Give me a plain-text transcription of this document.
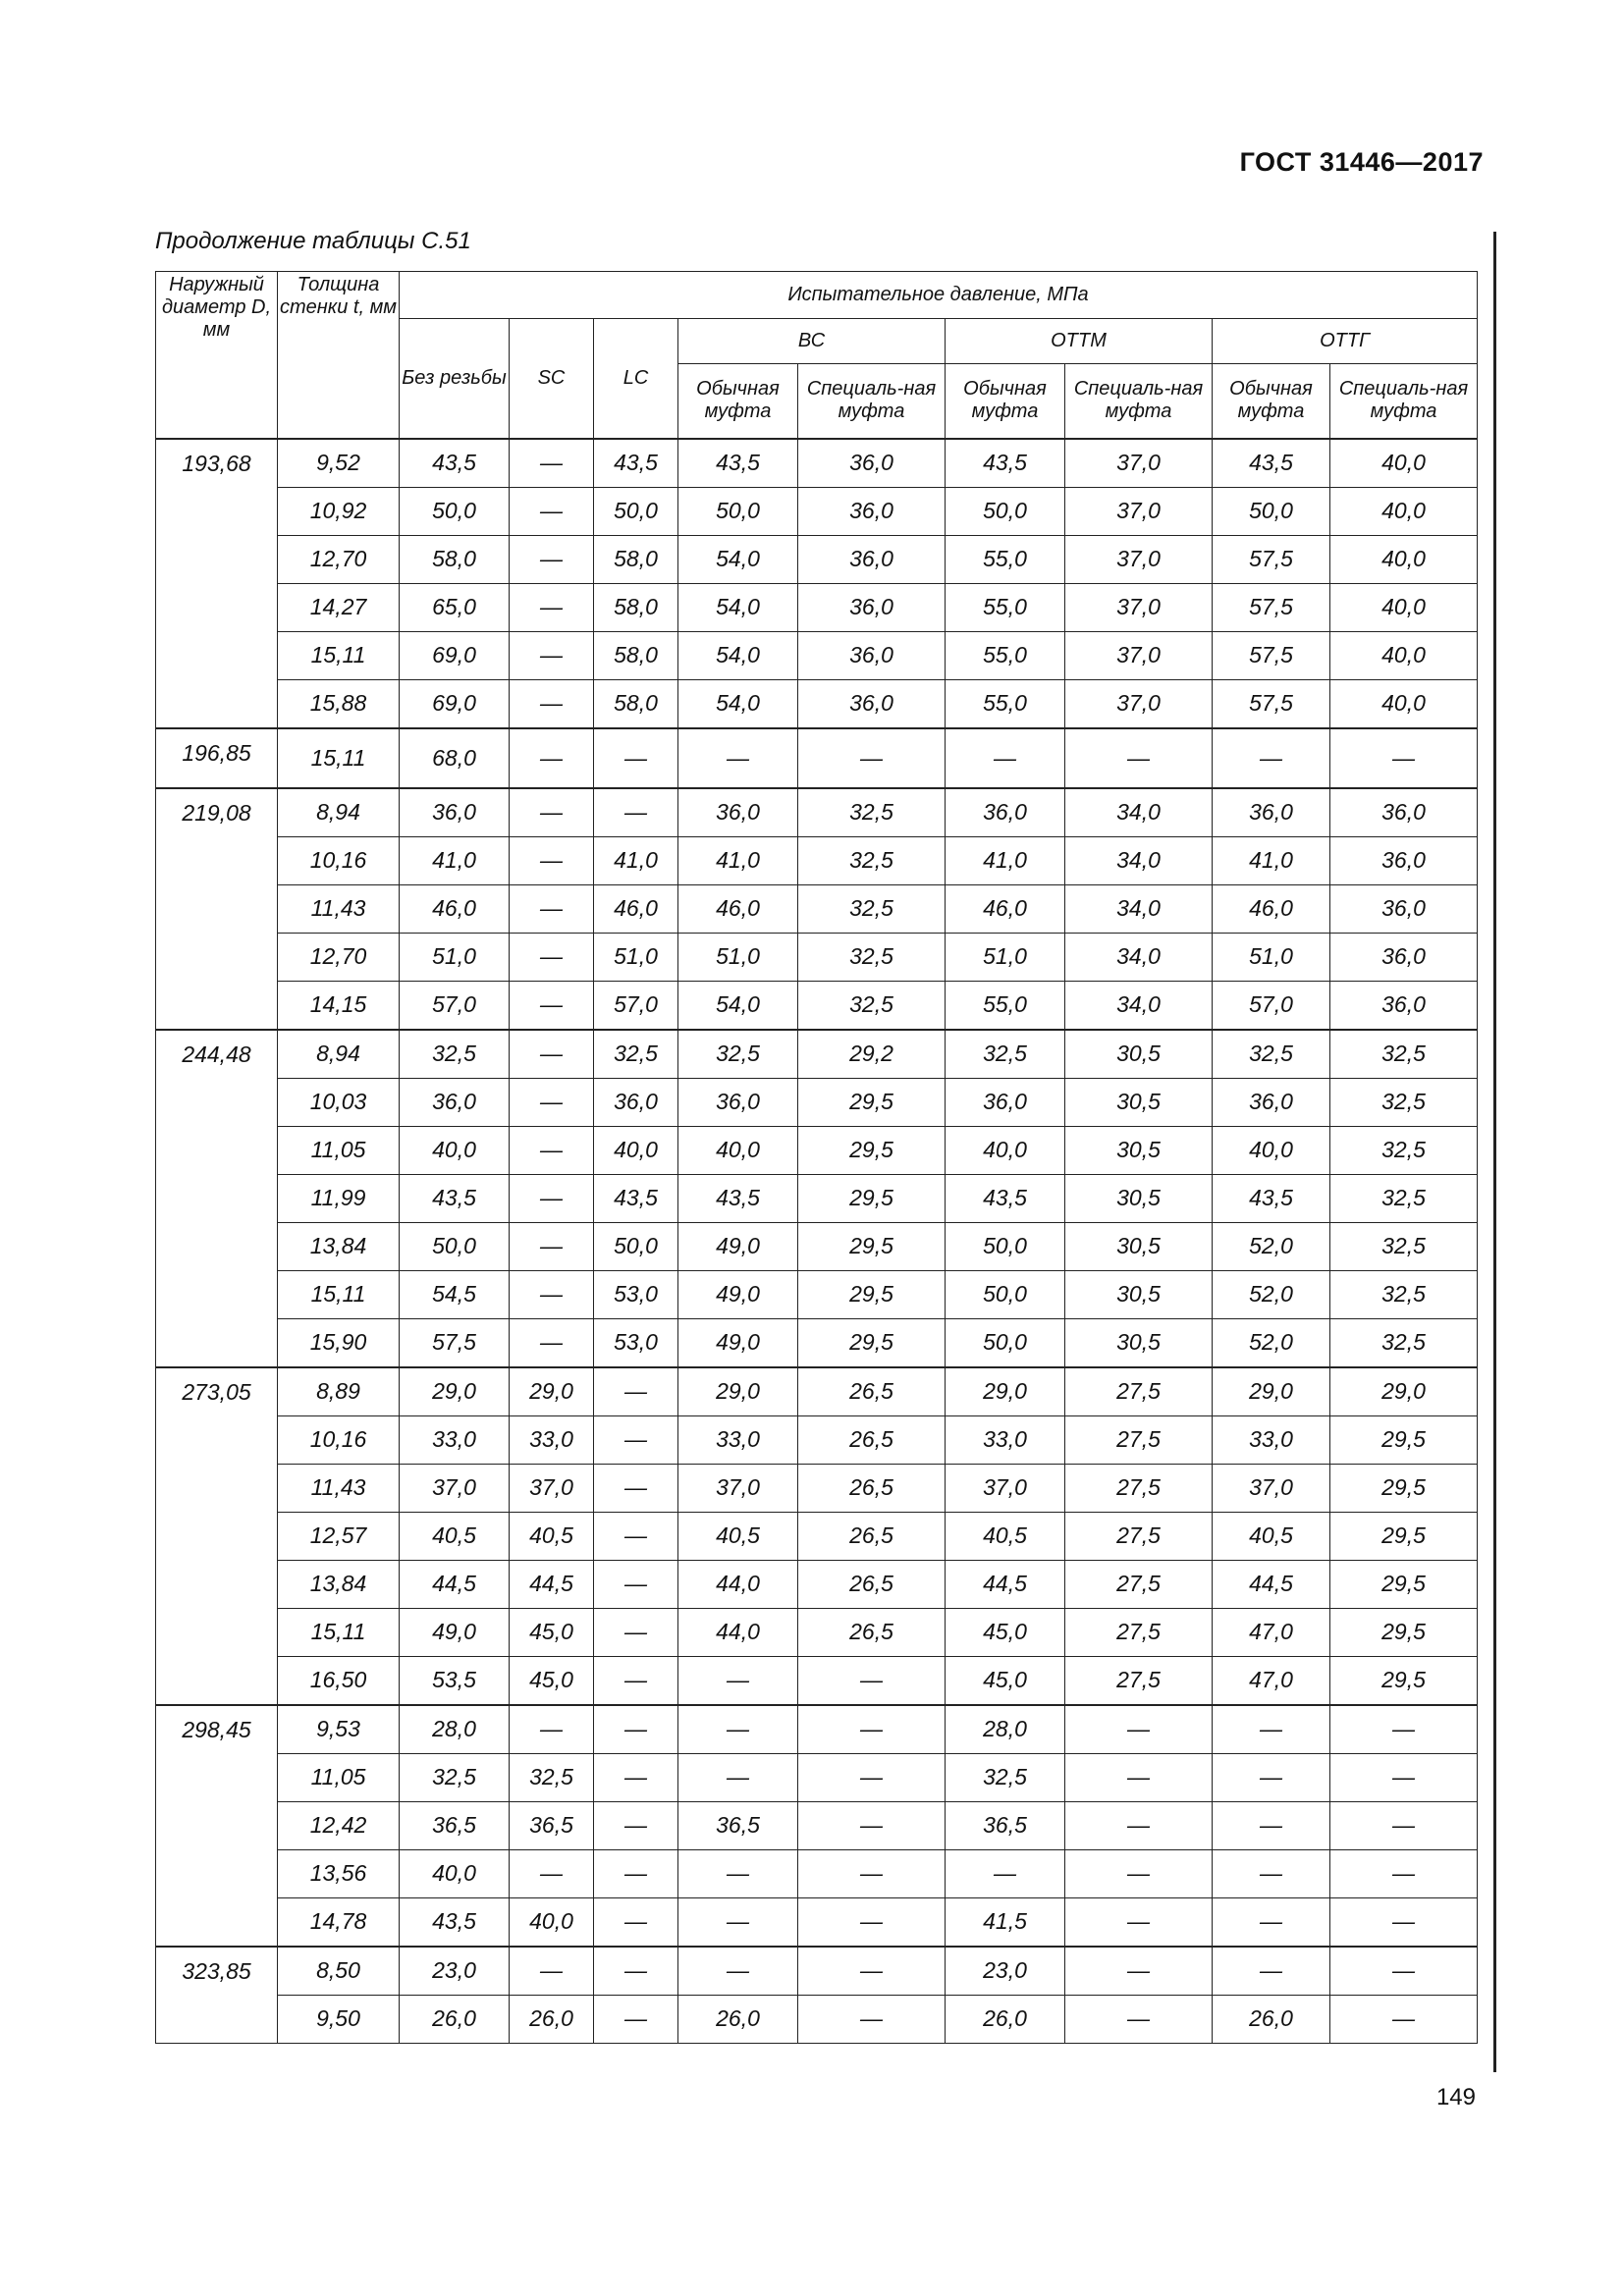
ГОСТ 31446—2017
Продолжение таблицы С.51
Наружный диаметр D, мм	Толщина стенки t, мм	Испытательное давление, МПа								
		Без резьбы	SC	LC	ВС		ОТТМ		ОТТГ	
					Обычная муфта	Специаль-ная муфта	Обычная муфта	Специаль-ная муфта	Обычная муфта	Специаль-ная муфта
193,68	9,52	43,5	—	43,5	43,5	36,0	43,5	37,0	43,5	40,0
	10,92	50,0	—	50,0	50,0	36,0	50,0	37,0	50,0	40,0
	12,70	58,0	—	58,0	54,0	36,0	55,0	37,0	57,5	40,0
	14,27	65,0	—	58,0	54,0	36,0	55,0	37,0	57,5	40,0
	15,11	69,0	—	58,0	54,0	36,0	55,0	37,0	57,5	40,0
	15,88	69,0	—	58,0	54,0	36,0	55,0	37,0	57,5	40,0
196,85	15,11	68,0	—	—	—	—	—	—	—	—
219,08	8,94	36,0	—	—	36,0	32,5	36,0	34,0	36,0	36,0
	10,16	41,0	—	41,0	41,0	32,5	41,0	34,0	41,0	36,0
	11,43	46,0	—	46,0	46,0	32,5	46,0	34,0	46,0	36,0
	12,70	51,0	—	51,0	51,0	32,5	51,0	34,0	51,0	36,0
	14,15	57,0	—	57,0	54,0	32,5	55,0	34,0	57,0	36,0
244,48	8,94	32,5	—	32,5	32,5	29,2	32,5	30,5	32,5	32,5
	10,03	36,0	—	36,0	36,0	29,5	36,0	30,5	36,0	32,5
	11,05	40,0	—	40,0	40,0	29,5	40,0	30,5	40,0	32,5
	11,99	43,5	—	43,5	43,5	29,5	43,5	30,5	43,5	32,5
	13,84	50,0	—	50,0	49,0	29,5	50,0	30,5	52,0	32,5
	15,11	54,5	—	53,0	49,0	29,5	50,0	30,5	52,0	32,5
	15,90	57,5	—	53,0	49,0	29,5	50,0	30,5	52,0	32,5
273,05	8,89	29,0	29,0	—	29,0	26,5	29,0	27,5	29,0	29,0
	10,16	33,0	33,0	—	33,0	26,5	33,0	27,5	33,0	29,5
	11,43	37,0	37,0	—	37,0	26,5	37,0	27,5	37,0	29,5
	12,57	40,5	40,5	—	40,5	26,5	40,5	27,5	40,5	29,5
	13,84	44,5	44,5	—	44,0	26,5	44,5	27,5	44,5	29,5
	15,11	49,0	45,0	—	44,0	26,5	45,0	27,5	47,0	29,5
	16,50	53,5	45,0	—	—	—	45,0	27,5	47,0	29,5
298,45	9,53	28,0	—	—	—	—	28,0	—	—	—
	11,05	32,5	32,5	—	—	—	32,5	—	—	—
	12,42	36,5	36,5	—	36,5	—	36,5	—	—	—
	13,56	40,0	—	—	—	—	—	—	—	—
	14,78	43,5	40,0	—	—	—	41,5	—	—	—
323,85	8,50	23,0	—	—	—	—	23,0	—	—	—
	9,50	26,0	26,0	—	26,0	—	26,0	—	26,0	—
149
